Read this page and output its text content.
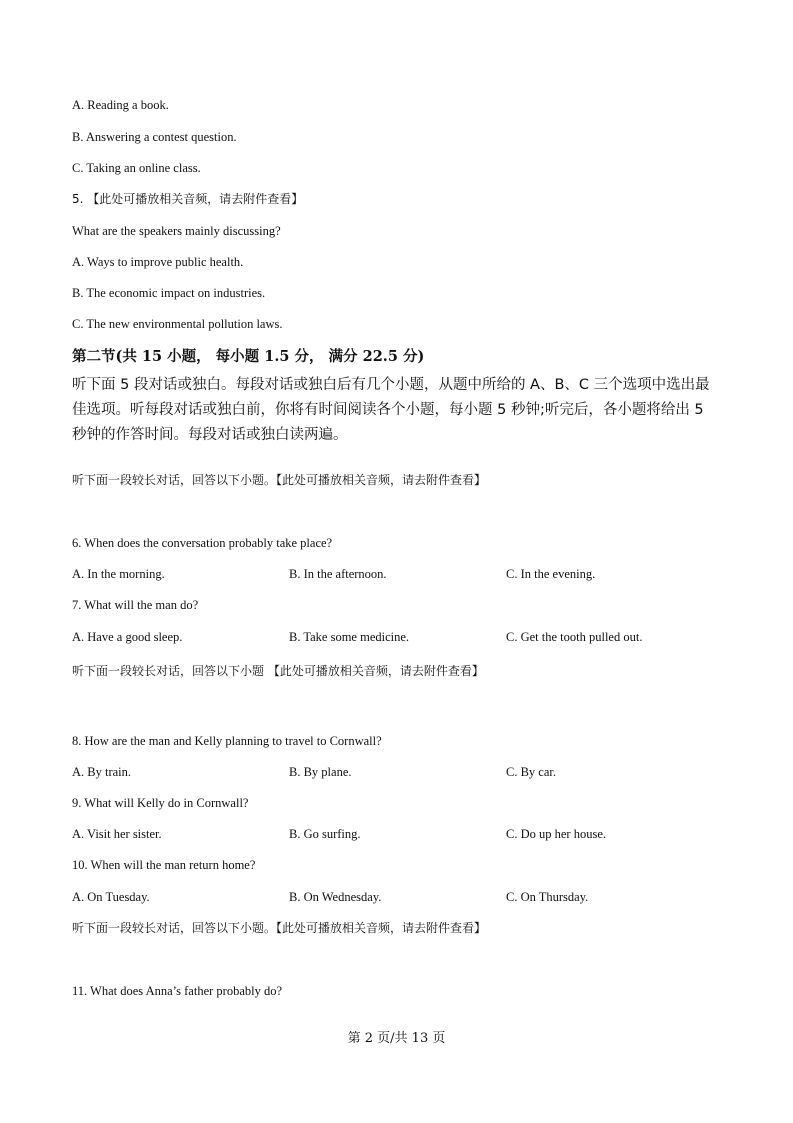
A. Reading a book.
B. Answering a contest question.
C. Taking an online class.
5. 【此处可播放相关音频，请去附件查看】
What are the speakers mainly discussing?
A. Ways to improve public health.
B. The economic impact on industries.
C. The new environmental pollution laws.
第二节(共 15 小题， 每小题 1.5 分， 满分 22.5 分)
听下面 5 段对话或独白。每段对话或独白后有几个小题，从题中所给的 A、B、C 三个选项中选出最佳选项。听每段对话或独白前，你将有时间阅读各个小题，每小题 5 秒钟;听完后，各小题将给出 5 秒钟的作答时间。每段对话或独白读两遍。
听下面一段较长对话，回答以下小题。【此处可播放相关音频，请去附件查看】
6. When does the conversation probably take place?
A. In the morning.	B. In the afternoon.	C. In the evening.
7. What will the man do?
A. Have a good sleep.	B. Take some medicine.	C. Get the tooth pulled out.
听下面一段较长对话，回答以下小题 【此处可播放相关音频，请去附件查看】
8. How are the man and Kelly planning to travel to Cornwall?
A. By train.	B. By plane.	C. By car.
9. What will Kelly do in Cornwall?
A. Visit her sister.	B. Go surfing.	C. Do up her house.
10. When will the man return home?
A. On Tuesday.	B. On Wednesday.	C. On Thursday.
听下面一段较长对话，回答以下小题。【此处可播放相关音频，请去附件查看】
11. What does Anna’s father probably do?
第 2 页/共 13 页
